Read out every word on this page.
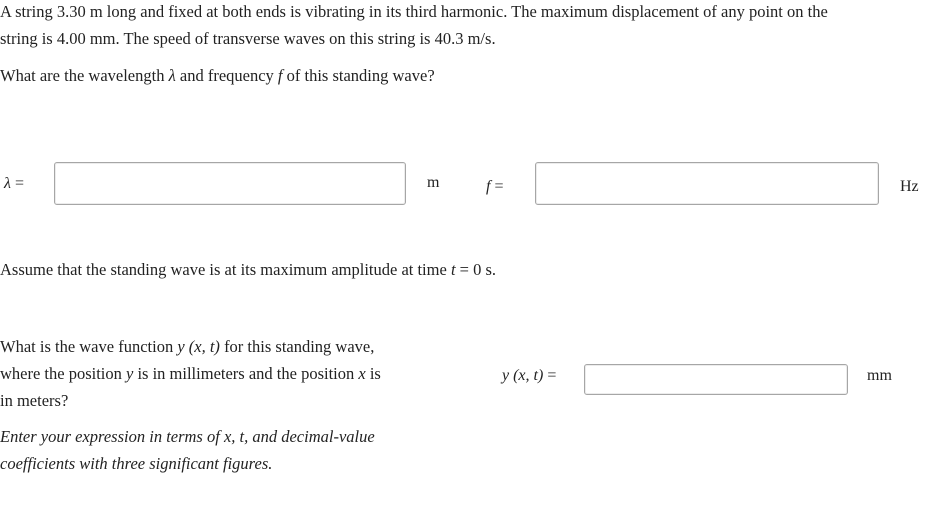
A string 3.30 m long and fixed at both ends is vibrating in its third harmonic. The maximum displacement of any point on the
string is 4.00 mm. The speed of transverse waves on this string is 40.3 m/s.
What are the wavelength λ and frequency f of this standing wave?
λ =	m	f =	Hz
Assume that the standing wave is at its maximum amplitude at time t = 0 s.
What is the wave function y (x, t) for this standing wave,
where the position y is in millimeters and the position x is
in meters?
Enter your expression in terms of x, t, and decimal-value
coefficients with three significant figures.
y (x, t) =	mm
